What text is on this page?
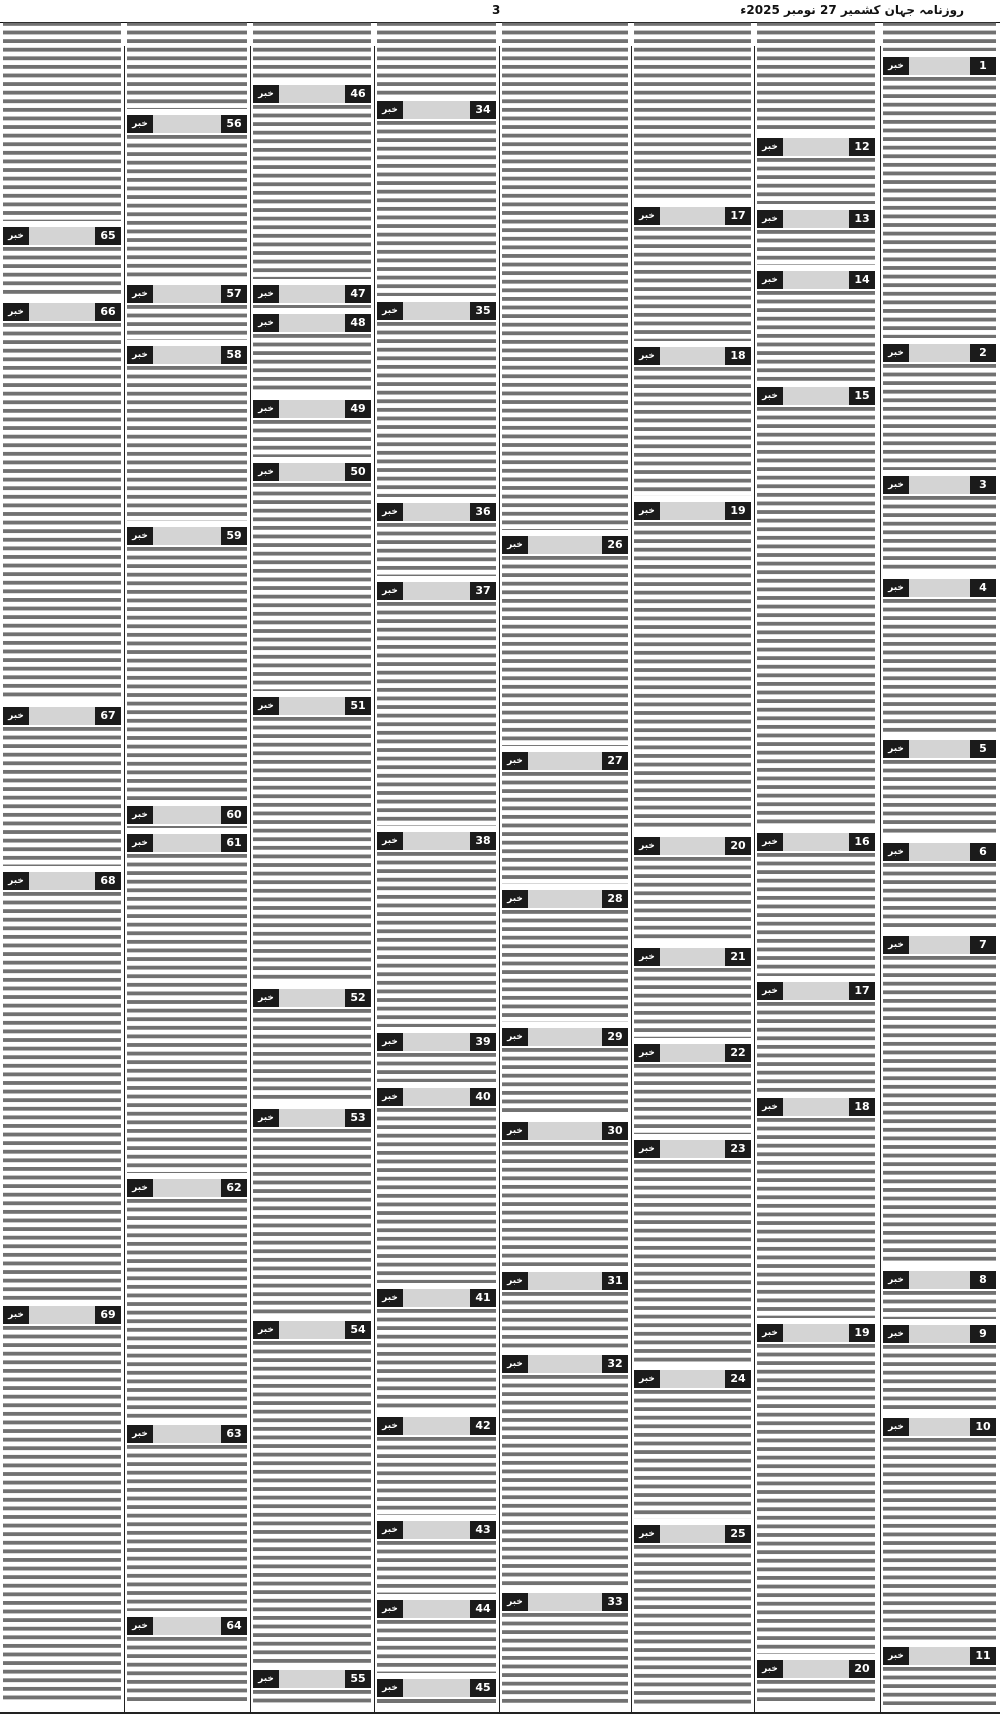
روزنامہ جہان کشمیر 27 نومبر 2025ء
3
1
خبر
2
خبر
3
خبر
4
خبر
5
خبر
6
خبر
7
خبر
8
خبر
9
خبر
10
خبر
11
خبر
12
خبر
13
خبر
14
خبر
15
خبر
16
خبر
17
خبر
18
خبر
19
خبر
20
خبر
17
خبر
18
خبر
19
خبر
20
خبر
21
خبر
22
خبر
23
خبر
24
خبر
25
خبر
26
خبر
27
خبر
28
خبر
29
خبر
30
خبر
31
خبر
32
خبر
33
خبر
34
خبر
35
خبر
36
خبر
37
خبر
38
خبر
39
خبر
40
خبر
41
خبر
42
خبر
43
خبر
44
خبر
45
خبر
46
خبر
47
خبر
48
خبر
49
خبر
50
خبر
51
خبر
52
خبر
53
خبر
54
خبر
55
خبر
56
خبر
57
خبر
58
خبر
59
خبر
60
خبر
61
خبر
62
خبر
63
خبر
64
خبر
65
خبر
66
خبر
67
خبر
68
خبر
69
خبر
